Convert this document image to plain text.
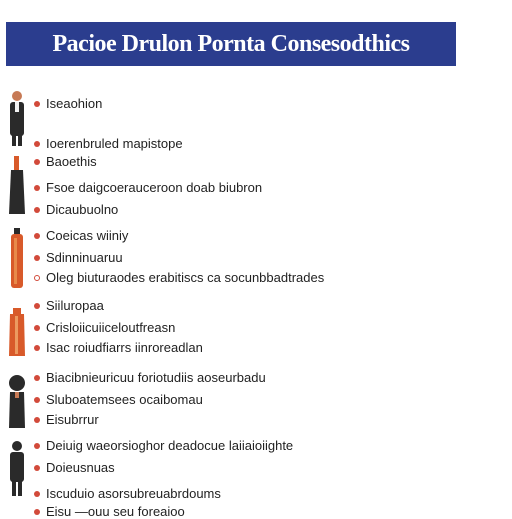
Pacioe Drulon Pornta Consesodthics
Iseaohion
Ioerenbruled mapistope
Baoethis
Fsoe daigcoerauceroon doab biubron
Dicaubuolno
Coeicas wiiniy
Sdinninuaruu
Oleg biuturaodes erabitiscs ca socunbbadtrades
Siiluropaa
Crisloiicuiiceloutfreasn
Isac roiudfiarrs iinroreadlan
Biacibnieuricuu foriotudiis aoseurbadu
Sluboatemsees ocaibomau
Eisubrrur
Deiuig waeorsioghor deadocue laiiaioiighte
Doieusnuas
Iscuduio asorsubreuabrdoums
Eisu —ouu seu foreaioo
